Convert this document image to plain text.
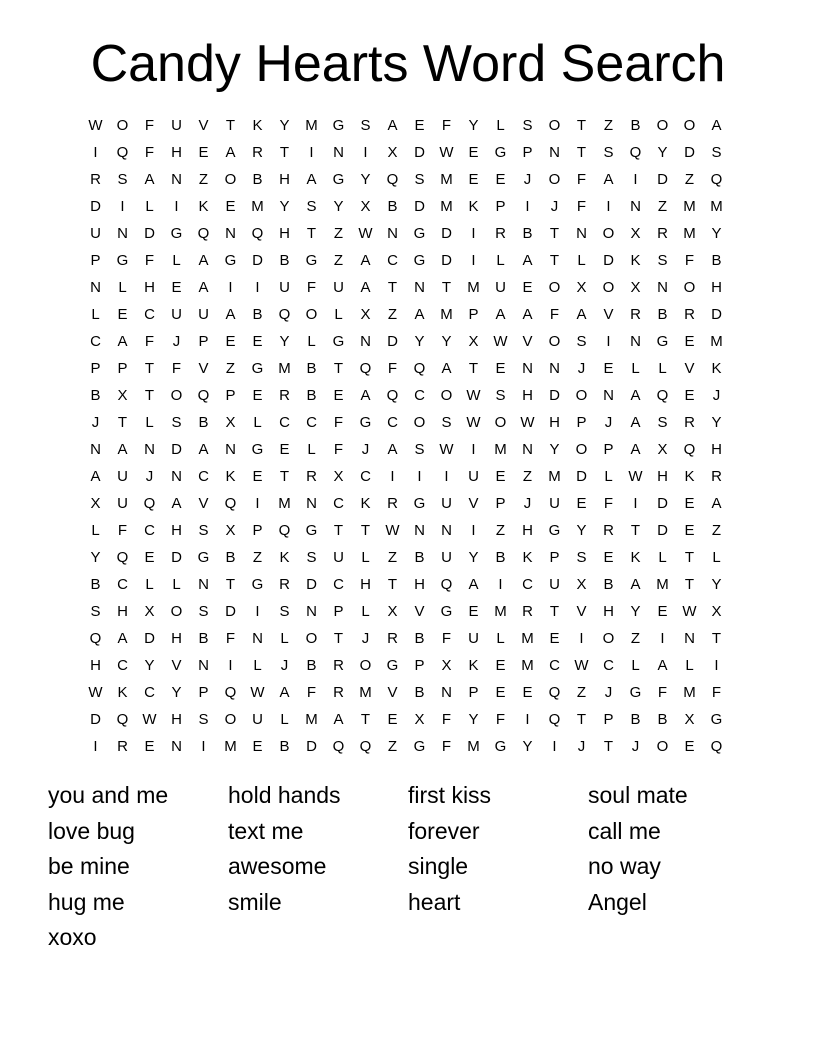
Candy Hearts Word Search
W O	F	U	V	T	K	Y	M G	S	A	E	F	Y	L	S	O	T	Z	B	O	O	A
I	Q	F	H	E	A	R	T	I	N	I	X	D W E	G	P	N	T	S	Q	Y	D	S
R	S	A	N	Z	O	B	H	A	G	Y	Q	S	M	E	E	J	O	F	A	I	D	Z	Q
D	I	L	I	K	E	M	Y	S	Y	X	B	D	M	K	P	I	J	F	I	N	Z	M M
U	N	D	G	Q	N	Q	H	T	Z	W N	G	D	I	R	B	T	N	O	X	R	M	Y
P	G	F	L	A	G	D	B	G	Z	A	C	G	D	I	L	A	T	L	D	K	S	F	B
N	L	H	E	A	I	I	U	F	U	A	T	N	T	M	U	E	O	X	O	X	N	O	H
L	E	C	U	U	A	B	Q	O	L	X	Z	A	M	P	A	A	F	A	V	R	B	R	D
C	A	F	J	P	E	E	Y	L	G	N	D	Y	Y	X W V	O	S	I	N	G	E	M
P	P	T	F	V	Z	G M	B	T	Q	F	Q	A	T	E	N	N	J	E	L	L	V	K
B	X	T	O	Q	P	E	R	B	E	A	Q	C	O W S	H	D	O	N	A	Q	E	J
J	T	L	S	B	X	L	C	C	F	G	C	O	S W O W H	P	J	A	S	R	Y
N	A	N	D	A	N	G	E	L	F	J	A	S W	I	M	N	Y	O	P	A	X	Q	H
A	U	J	N	C	K	E	T	R	X	C	I	I	I	U	E	Z	M	D	L	W H	K	R
X	U	Q	A	V	Q	I	M	N	C	K	R	G	U	V	P	J	U	E	F	I	D	E	A
L	F	C	H	S	X	P	Q	G	T	T	W N	N	I	Z	H	G	Y	R	T	D	E	Z
Y	Q	E	D	G	B	Z	K	S	U	L	Z	B	U	Y	B	K	P	S	E	K	L	T	L
B	C	L	L	N	T	G	R	D	C	H	T	H	Q	A	I	C	U	X	B	A	M	T	Y
S	H	X	O	S	D	I	S	N	P	L	X	V	G	E	M	R	T	V	H	Y	E W X
Q	A	D	H	B	F	N	L	O	T	J	R	B	F	U	L	M	E	I	O	Z	I	N	T
H	C	Y	V	N	I	L	J	B	R	O	G	P	X	K	E	M	C W C	L	A	L	I
W K	C	Y	P	Q W A	F	R	M	V	B	N	P	E	E	Q	Z	J	G	F	M	F
D	Q W H	S	O	U	L	M	A	T	E	X	F	Y	F	I	Q	T	P	B	B	X	G
I	R	E	N	I	M	E	B	D	Q	Q	Z	G	F	M G	Y	I	J	T	J	O	E	Q
you and me	hold hands	first kiss	soul mate
love bug	text me	forever	call me
be mine	awesome	single	no way
hug me	smile	heart	Angel
xoxo
